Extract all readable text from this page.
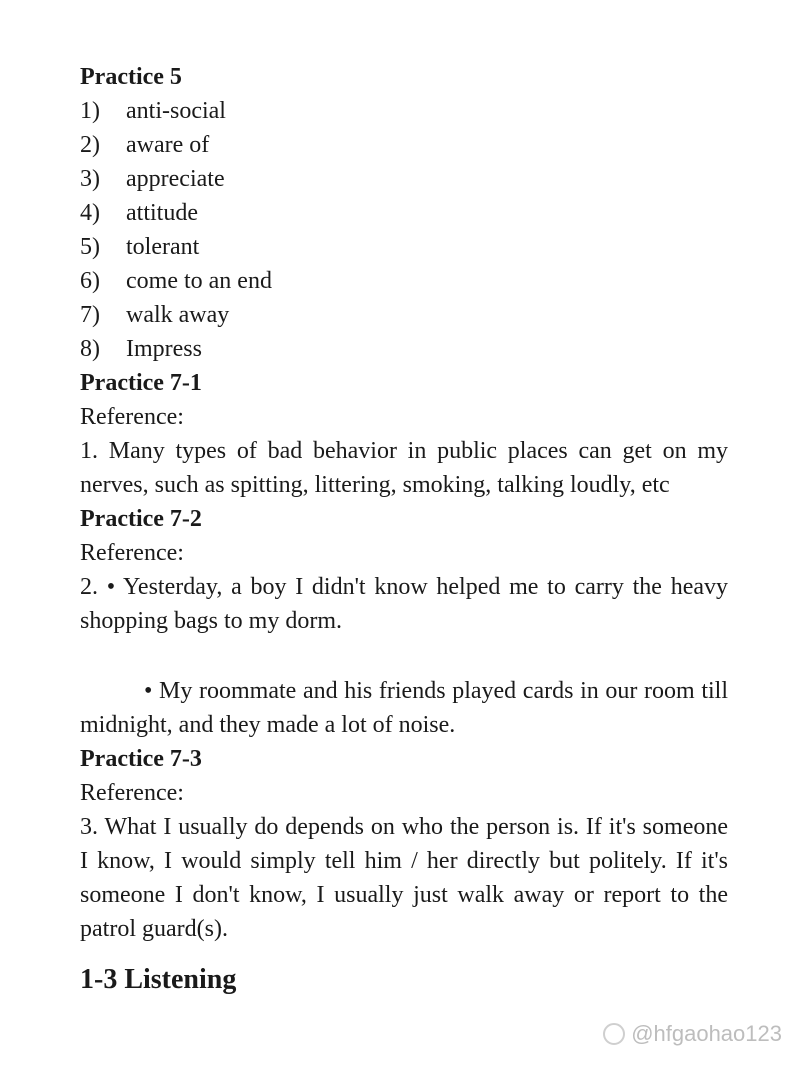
Practice 5
1)	anti-social
2)	aware of
3)	appreciate
4)	attitude
5)	tolerant
6)	come to an end
7)	walk away
8)	Impress
Practice 7-1
Reference:

1. Many types of bad behavior in public places can get on my nerves, such as spitting, littering, smoking, talking loudly, etc

Practice 7-2
Reference:

2. • Yesterday, a boy I didn't know helped me to carry the heavy shopping bags to my dorm.

• My roommate and his friends played cards in our room till midnight, and they made a lot of noise.

Practice 7-3
Reference:

3. What I usually do depends on who the person is. If it's someone I know, I would simply tell him / her directly but politely. If it's someone I don't know, I usually just walk away or report to the patrol guard(s).

1-3 Listening
@hfgaohao123
